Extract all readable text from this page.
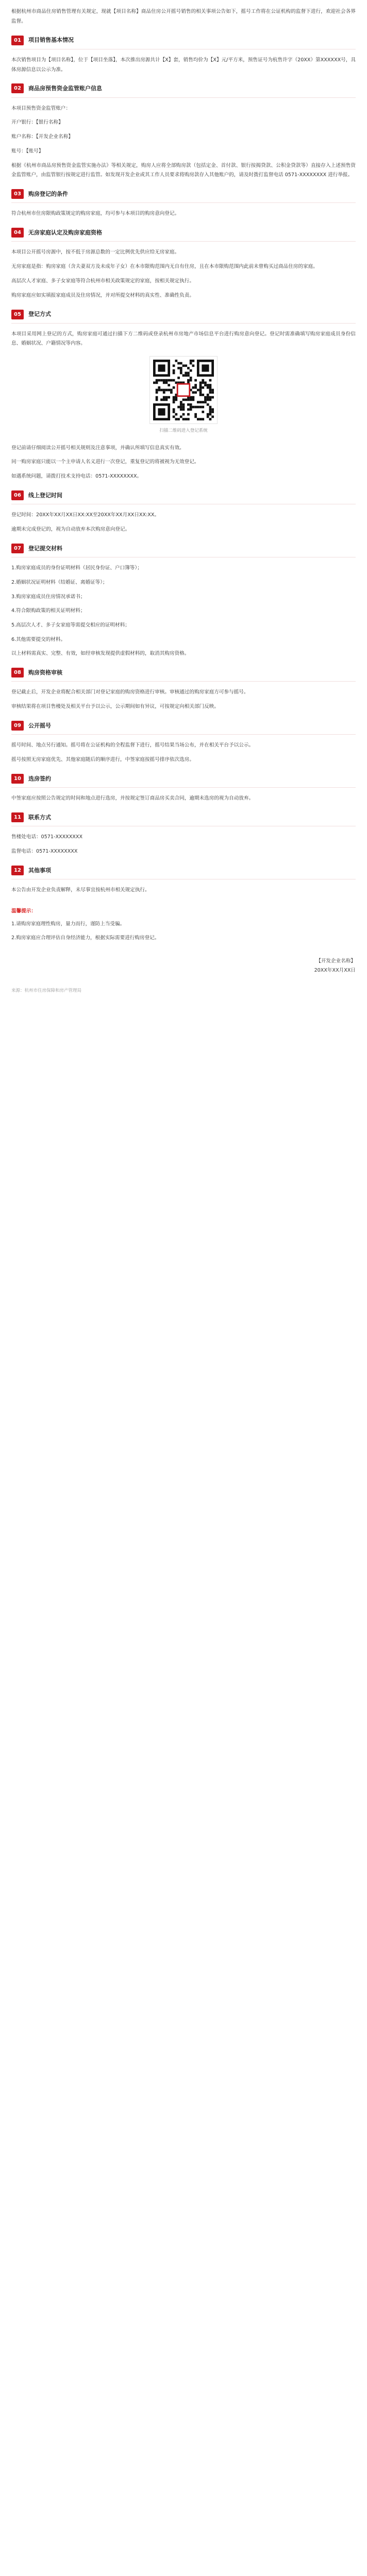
根据杭州市商品住房销售管理有关规定，现就【项目名称】商品住房公开摇号销售的相关事项公告如下，摇号工作将在公证机构的监督下进行，欢迎社会各界监督。

01	项目销售基本情况

本次销售项目为【项目名称】，位于【项目坐落】，本次推出房源共计【X】套，销售均价为【X】元/平方米，预售证号为杭售许字（20XX）第XXXXXX号，具体房源信息以公示为准。

02	商品房预售资金监管账户信息

本项目预售资金监管账户：

开户银行：【银行名称】

账户名称：【开发企业名称】

账号：【账号】

根据《杭州市商品房预售资金监管实施办法》等相关规定，购房人应将全部购房款（包括定金、首付款、银行按揭贷款、公积金贷款等）直接存入上述预售资金监管账户，由监管银行按规定进行监管。如发现开发企业或其工作人员要求将购房款存入其他账户的，请及时拨打监督电话 0571-XXXXXXXX 进行举报。

03	购房登记的条件

符合杭州市住房限购政策规定的购房家庭，均可参与本项目的购房意向登记。

04	无房家庭认定及购房家庭资格

本项目公开摇号房源中，按不低于房源总数的一定比例优先供应给无房家庭。

无房家庭是指：购房家庭（含夫妻双方及未成年子女）在本市限购范围内无自有住房，且在本市限购范围内此前未曾购买过商品住房的家庭。

高层次人才家庭、多子女家庭等符合杭州市相关政策规定的家庭，按相关规定执行。

购房家庭应如实填报家庭成员及住房情况，并对所提交材料的真实性、准确性负责。

05	登记方式

本项目采用网上登记的方式，购房家庭可通过扫描下方二维码或登录杭州市房地产市场信息平台进行购房意向登记。登记时需准确填写购房家庭成员身份信息、婚姻状况、户籍情况等内容。

扫描二维码进入登记系统

登记前请仔细阅读公开摇号相关规则及注意事项，并确认所填写信息真实有效。

同一购房家庭只能以一个主申请人名义进行一次登记，重复登记的将被视为无效登记。

如遇系统问题，请拨打技术支持电话：0571-XXXXXXXX。

06	线上登记时间

登记时间：20XX年XX月XX日XX:XX至20XX年XX月XX日XX:XX。

逾期未完成登记的，视为自动放弃本次购房意向登记。

07	登记提交材料

1.购房家庭成员的身份证明材料（居民身份证、户口簿等）；

2.婚姻状况证明材料（结婚证、离婚证等）；

3.购房家庭成员住房情况承诺书；

4.符合限购政策的相关证明材料；

5.高层次人才、多子女家庭等需提交相应的证明材料；

6.其他需要提交的材料。

以上材料需真实、完整、有效，如经审核发现提供虚假材料的，取消其购房资格。

08	购房资格审核

登记截止后，开发企业将配合相关部门对登记家庭的购房资格进行审核。审核通过的购房家庭方可参与摇号。

审核结果将在项目售楼处及相关平台予以公示，公示期间如有异议，可按规定向相关部门反映。

09	公开摇号

摇号时间、地点另行通知。摇号将在公证机构的全程监督下进行，摇号结果当场公布，并在相关平台予以公示。

摇号按照无房家庭优先、其他家庭随后的顺序进行，中签家庭按摇号排序依次选房。

10	选房签约

中签家庭应按照公告规定的时间和地点进行选房，并按规定签订商品房买卖合同，逾期未选房的视为自动放弃。

11	联系方式

售楼处电话：0571-XXXXXXXX

监督电话：0571-XXXXXXXX

12	其他事项

本公告由开发企业负责解释，未尽事宜按杭州市相关规定执行。

温馨提示：

1.请购房家庭理性购房，量力而行，谨防上当受骗。

2.购房家庭应合理评估自身经济能力，根据实际需要进行购房登记。

【开发企业名称】
20XX年XX月XX日
来源：杭州市住房保障和房产管理局
